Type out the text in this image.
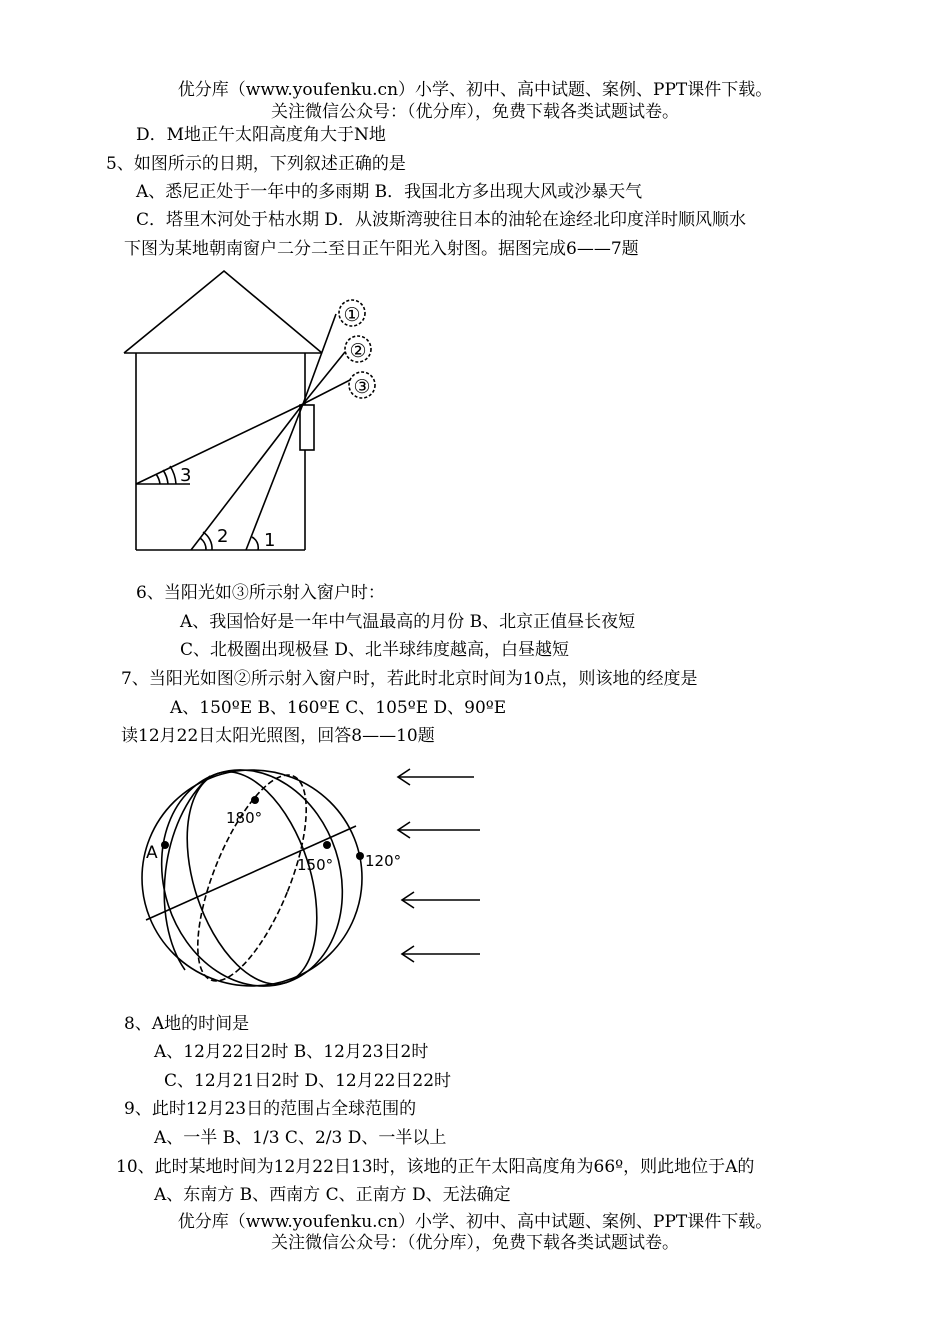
优分库（www.youfenku.cn）小学、初中、高中试题、案例、PPT课件下载。
关注微信公众号：（优分库），免费下载各类试题试卷。
D．M地正午太阳高度角大于N地
5、如图所示的日期，下列叙述正确的是
A、悉尼正处于一年中的多雨期 B．我国北方多出现大风或沙暴天气
C．塔里木河处于枯水期 D．从波斯湾驶往日本的油轮在途经北印度洋时顺风顺水
下图为某地朝南窗户二分二至日正午阳光入射图。据图完成6——7题
①
②
③
1
2
3
6、当阳光如③所示射入窗户时：
A、我国恰好是一年中气温最高的月份 B、北京正值昼长夜短
C、北极圈出现极昼 D、北半球纬度越高，白昼越短
7、当阳光如图②所示射入窗户时，若此时北京时间为10点，则该地的经度是
A、150ºE B、160ºE C、105ºE D、90ºE
读12月22日太阳光照图，回答8——10题
A
180°
150° 120°
8、A地的时间是
A、12月22日2时 B、12月23日2时
C、12月21日2时 D、12月22日22时
9、此时12月23日的范围占全球范围的
A、一半 B、1/3 C、2/3 D、一半以上
10、此时某地时间为12月22日13时，该地的正午太阳高度角为66º，则此地位于A的
A、东南方 B、西南方 C、正南方 D、无法确定
优分库（www.youfenku.cn）小学、初中、高中试题、案例、PPT课件下载。
关注微信公众号：（优分库），免费下载各类试题试卷。
